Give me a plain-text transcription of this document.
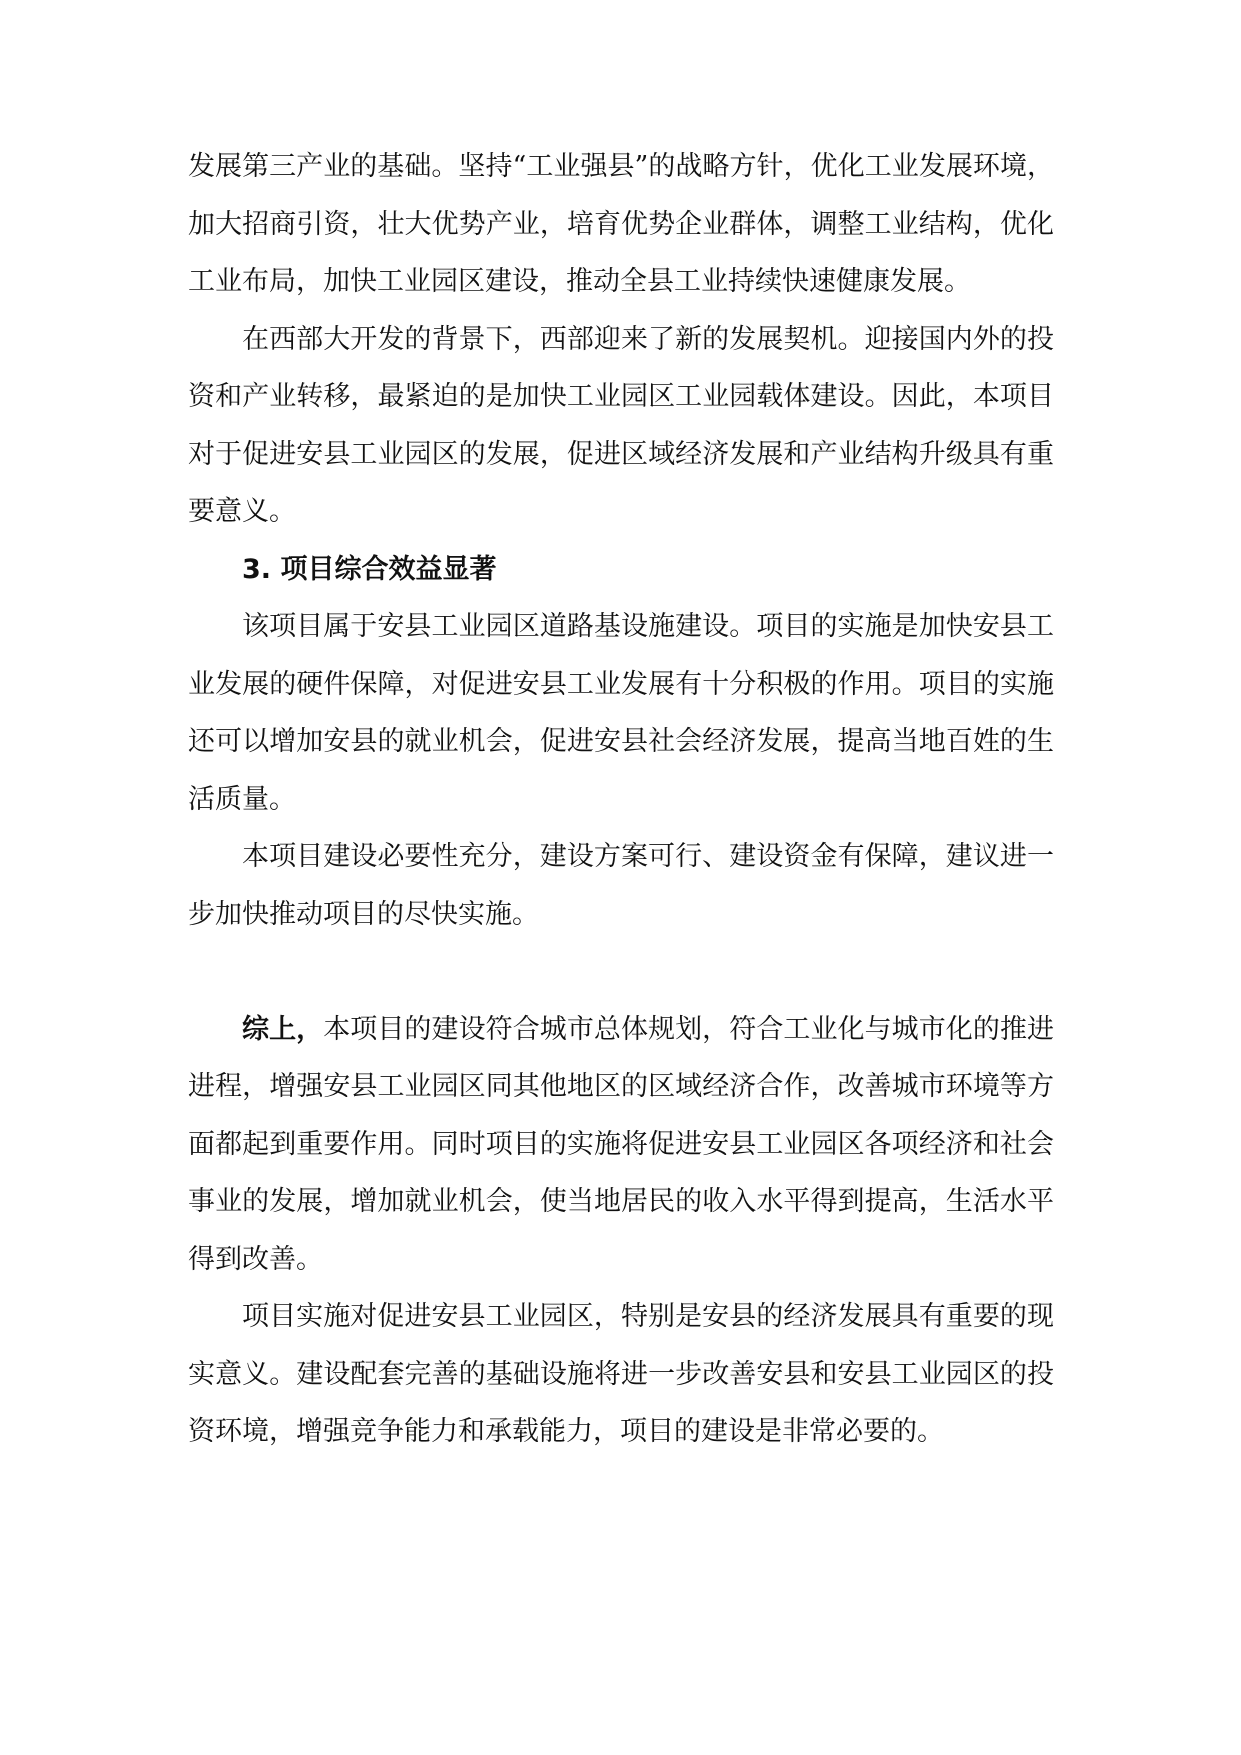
发展第三产业的基础。坚持“工业强县”的战略方针，优化工业发展环境，加大招商引资，壮大优势产业，培育优势企业群体，调整工业结构，优化工业布局，加快工业园区建设，推动全县工业持续快速健康发展。

在西部大开发的背景下，西部迎来了新的发展契机。迎接国内外的投资和产业转移，最紧迫的是加快工业园区工业园载体建设。因此，本项目对于促进安县工业园区的发展，促进区域经济发展和产业结构升级具有重要意义。

3. 项目综合效益显著

该项目属于安县工业园区道路基设施建设。项目的实施是加快安县工业发展的硬件保障，对促进安县工业发展有十分积极的作用。项目的实施还可以增加安县的就业机会，促进安县社会经济发展，提高当地百姓的生活质量。

本项目建设必要性充分，建设方案可行、建设资金有保障，建议进一步加快推动项目的尽快实施。

综上，本项目的建设符合城市总体规划，符合工业化与城市化的推进进程，增强安县工业园区同其他地区的区域经济合作，改善城市环境等方面都起到重要作用。同时项目的实施将促进安县工业园区各项经济和社会事业的发展，增加就业机会，使当地居民的收入水平得到提高，生活水平得到改善。

项目实施对促进安县工业园区，特别是安县的经济发展具有重要的现实意义。建设配套完善的基础设施将进一步改善安县和安县工业园区的投资环境，增强竞争能力和承载能力，项目的建设是非常必要的。
